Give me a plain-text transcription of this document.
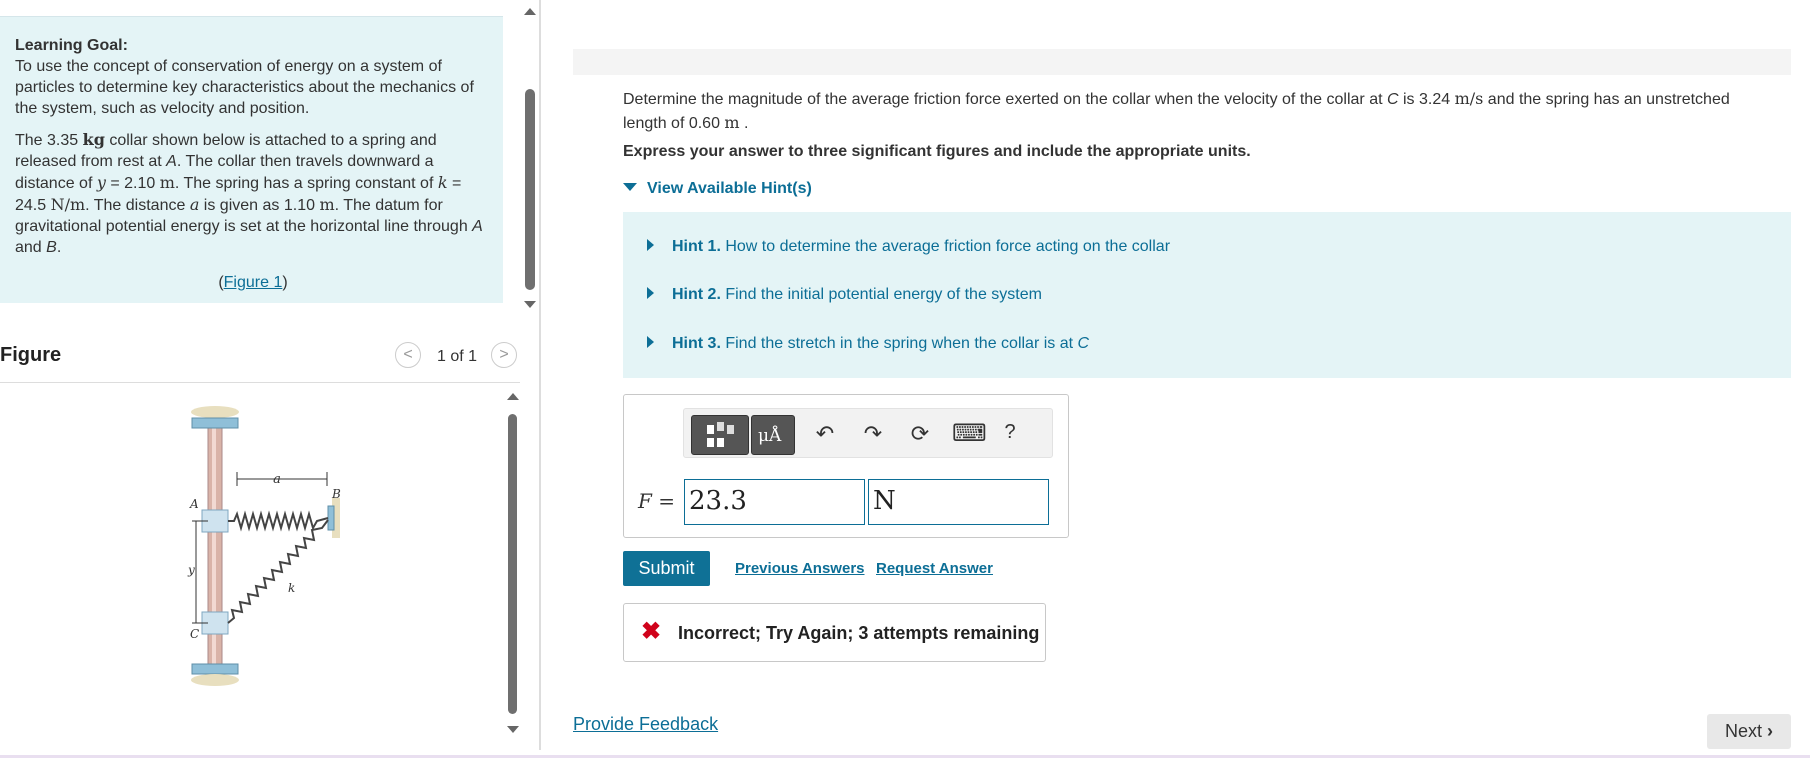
Learning Goal:

To use the concept of conservation of energy on a system of particles to determine key characteristics about the mechanics of the system, such as velocity and position.

The 3.35 kg collar shown below is attached to a spring and released from rest at A. The collar then travels downward a distance of y = 2.10 m. The spring has a spring constant of k = 24.5 N/m. The distance a is given as 1.10 m. The datum for gravitational potential energy is set at the horizontal line through A and B.

(Figure 1)
Figure	<	1 of 1	>
a
B
A
y
k
C
Determine the magnitude of the average friction force exerted on the collar when the velocity of the collar at C is 3.24 m/s and the spring has an unstretched length of 0.60 m .
Express your answer to three significant figures and include the appropriate units.
View Available Hint(s)
Hint 1. How to determine the average friction force acting on the collar
Hint 2. Find the initial potential energy of the system
Hint 3. Find the stretch in the spring when the collar is at C
μÅ ↶ ↷ ⟳ ⌨ ?
F = 23.3	N
Submit	Previous Answers Request Answer
✖ Incorrect; Try Again; 3 attempts remaining
Provide Feedback	Next ›
